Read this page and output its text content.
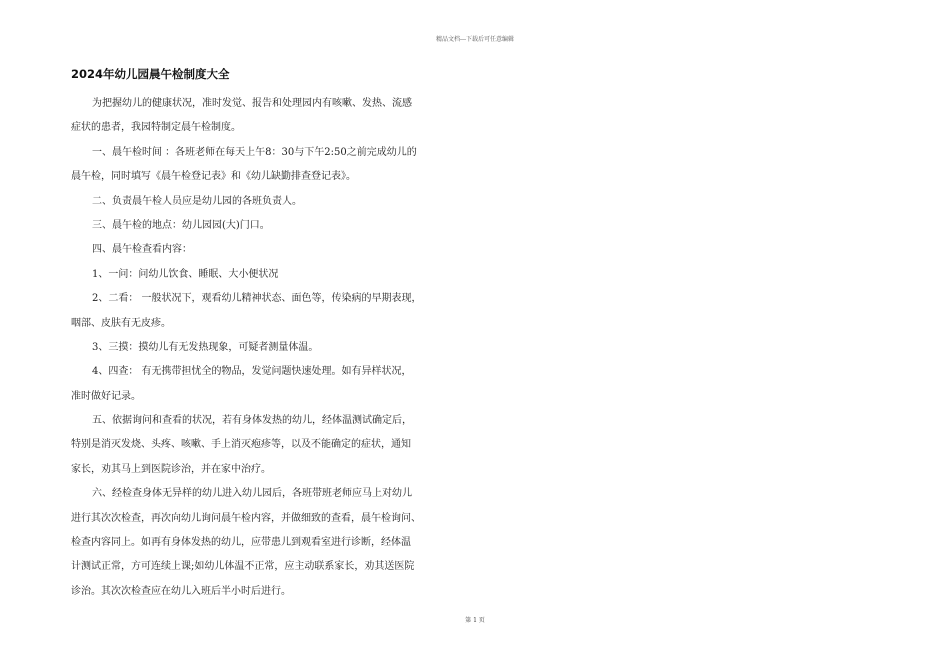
精品文档---下载后可任意编辑
2024年幼儿园晨午检制度大全
为把握幼儿的健康状况，准时发觉、报告和处理园内有咳嗽、发热、流感
症状的患者，我园特制定晨午检制度。
一、晨午检时间 ：各班老师在每天上午8：30与下午2:50之前完成幼儿的
晨午检，同时填写《晨午检登记表》和《幼儿缺勤排查登记表》。
二、负责晨午检人员应是幼儿园的各班负责人。
三、晨午检的地点：幼儿园园(大)门口。
四、晨午检查看内容：
1、一问：问幼儿饮食、睡眠、大小便状况
2、二看： 一般状况下，观看幼儿精神状态、面色等，传染病的早期表现，
咽部、皮肤有无皮疹。
3、三摸：摸幼儿有无发热现象，可疑者测量体温。
4、四查： 有无携带担忧全的物品，发觉问题快速处理。如有异样状况，
准时做好记录。
五、依据询问和查看的状况，若有身体发热的幼儿，经体温测试确定后，
特别是消灭发烧、头疼、咳嗽、手上消灭疱疹等，以及不能确定的症状，通知
家长，劝其马上到医院诊治，并在家中治疗。
六、经检查身体无异样的幼儿进入幼儿园后，各班带班老师应马上对幼儿
进行其次次检查，再次向幼儿询问晨午检内容，并做细致的查看，晨午检询问、
检查内容同上。如再有身体发热的幼儿，应带患儿到观看室进行诊断，经体温
计测试正常，方可连续上课;如幼儿体温不正常，应主动联系家长，劝其送医院
诊治。其次次检查应在幼儿入班后半小时后进行。
第 1 页
